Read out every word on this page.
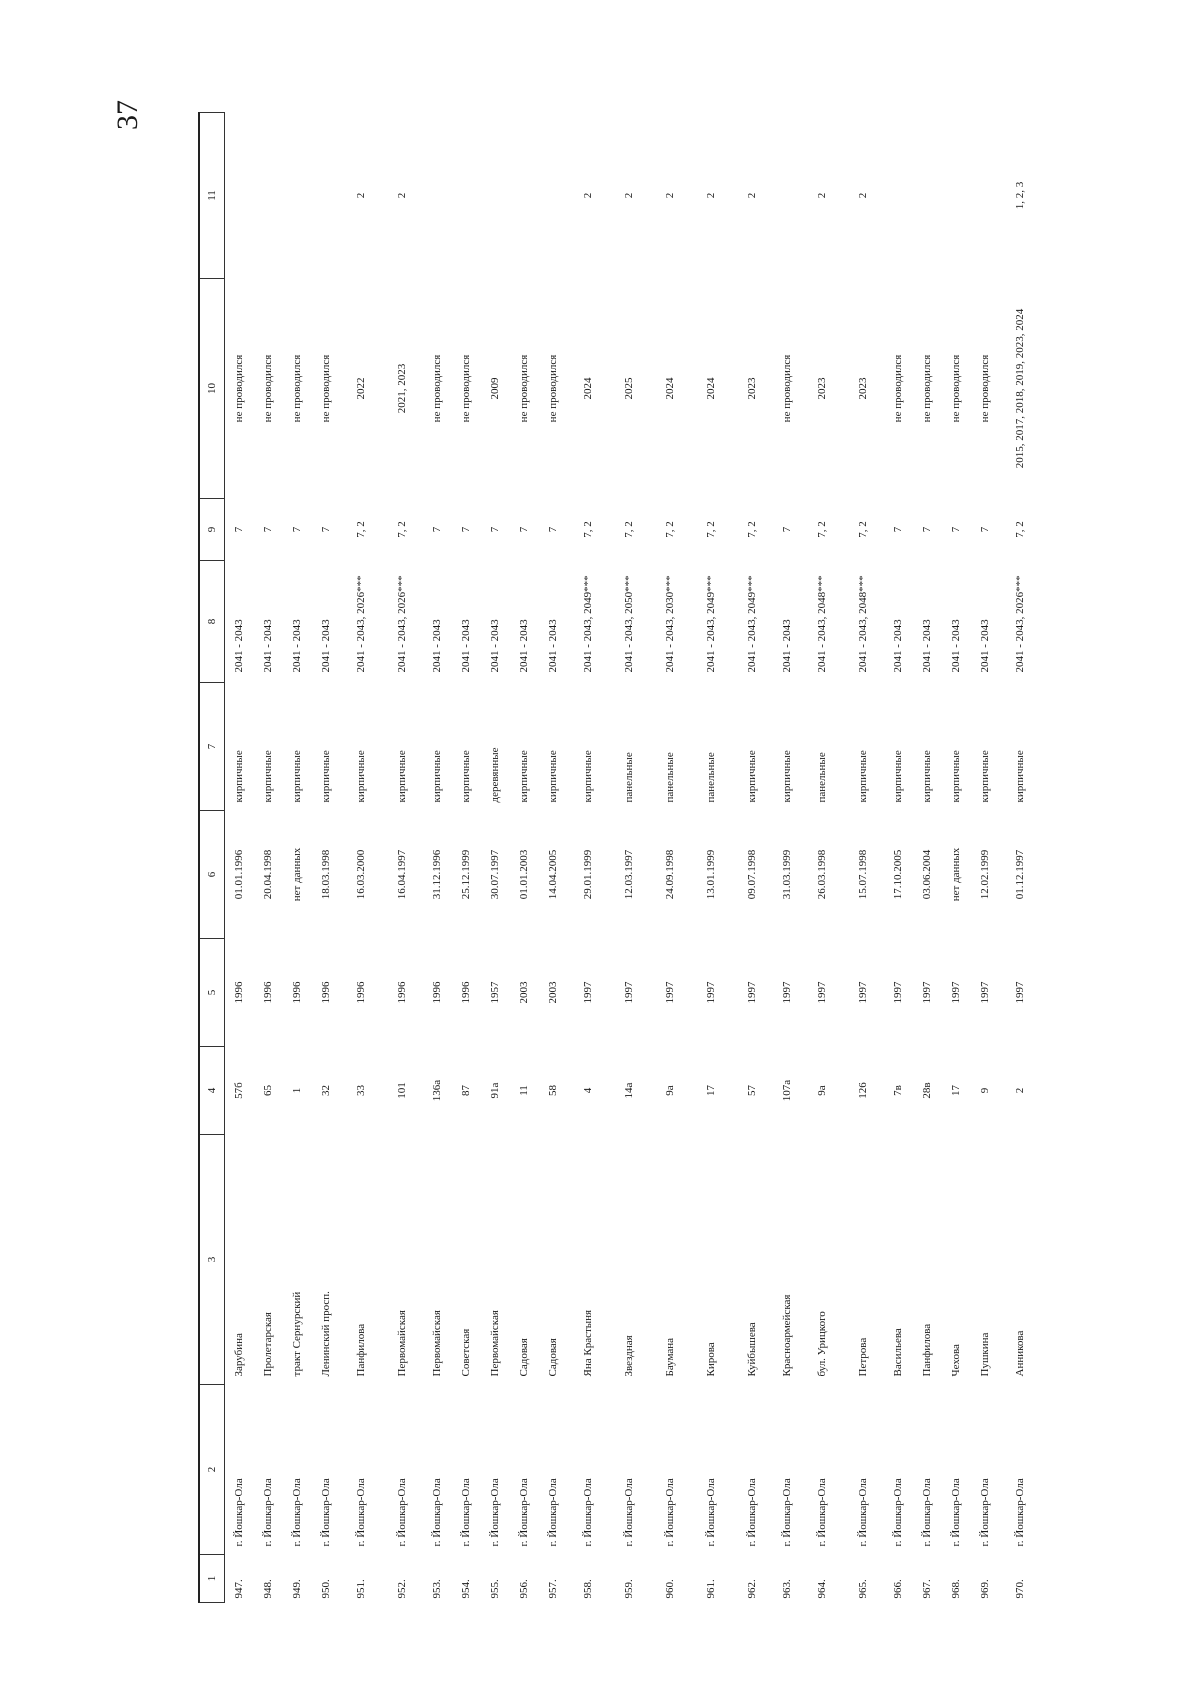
37
1	2	3	4	5	6	7	8	9	10	11
947.	г. Йошкар-Ола	Зарубина	57б	1996	01.01.1996	кирпичные	2041 - 2043	7	не проводился	
948.	г. Йошкар-Ола	Пролетарская	65	1996	20.04.1998	кирпичные	2041 - 2043	7	не проводился	
949.	г. Йошкар-Ола	тракт Сернурский	1	1996	нет данных	кирпичные	2041 - 2043	7	не проводился	
950.	г. Йошкар-Ола	Ленинский просп.	32	1996	18.03.1998	кирпичные	2041 - 2043	7	не проводился	
951.	г. Йошкар-Ола	Панфилова	33	1996	16.03.2000	кирпичные	2041 - 2043, 2026***	7, 2	2022	2
952.	г. Йошкар-Ола	Первомайская	101	1996	16.04.1997	кирпичные	2041 - 2043, 2026***	7, 2	2021, 2023	2
953.	г. Йошкар-Ола	Первомайская	136а	1996	31.12.1996	кирпичные	2041 - 2043	7	не проводился	
954.	г. Йошкар-Ола	Советская	87	1996	25.12.1999	кирпичные	2041 - 2043	7	не проводился	
955.	г. Йошкар-Ола	Первомайская	91а	1957	30.07.1997	деревянные	2041 - 2043	7	2009	
956.	г. Йошкар-Ола	Садовая	11	2003	01.01.2003	кирпичные	2041 - 2043	7	не проводился	
957.	г. Йошкар-Ола	Садовая	58	2003	14.04.2005	кирпичные	2041 - 2043	7	не проводился	
958.	г. Йошкар-Ола	Яна Крастыня	4	1997	29.01.1999	кирпичные	2041 - 2043, 2049***	7, 2	2024	2
959.	г. Йошкар-Ола	Звездная	14а	1997	12.03.1997	панельные	2041 - 2043, 2050***	7, 2	2025	2
960.	г. Йошкар-Ола	Баумана	9а	1997	24.09.1998	панельные	2041 - 2043, 2030***	7, 2	2024	2
961.	г. Йошкар-Ола	Кирова	17	1997	13.01.1999	панельные	2041 - 2043, 2049***	7, 2	2024	2
962.	г. Йошкар-Ола	Куйбышева	57	1997	09.07.1998	кирпичные	2041 - 2043, 2049***	7, 2	2023	2
963.	г. Йошкар-Ола	Красноармейская	107а	1997	31.03.1999	кирпичные	2041 - 2043	7	не проводился	
964.	г. Йошкар-Ола	бул. Урицкого	9а	1997	26.03.1998	панельные	2041 - 2043, 2048***	7, 2	2023	2
965.	г. Йошкар-Ола	Петрова	126	1997	15.07.1998	кирпичные	2041 - 2043, 2048***	7, 2	2023	2
966.	г. Йошкар-Ола	Васильева	7в	1997	17.10.2005	кирпичные	2041 - 2043	7	не проводился	
967.	г. Йошкар-Ола	Панфилова	28в	1997	03.06.2004	кирпичные	2041 - 2043	7	не проводился	
968.	г. Йошкар-Ола	Чехова	17	1997	нет данных	кирпичные	2041 - 2043	7	не проводился	
969.	г. Йошкар-Ола	Пушкина	9	1997	12.02.1999	кирпичные	2041 - 2043	7	не проводился	
970.	г. Йошкар-Ола	Анникова	2	1997	01.12.1997	кирпичные	2041 - 2043, 2026***	7, 2	2015, 2017, 2018, 2019, 2023, 2024	1, 2, 3
